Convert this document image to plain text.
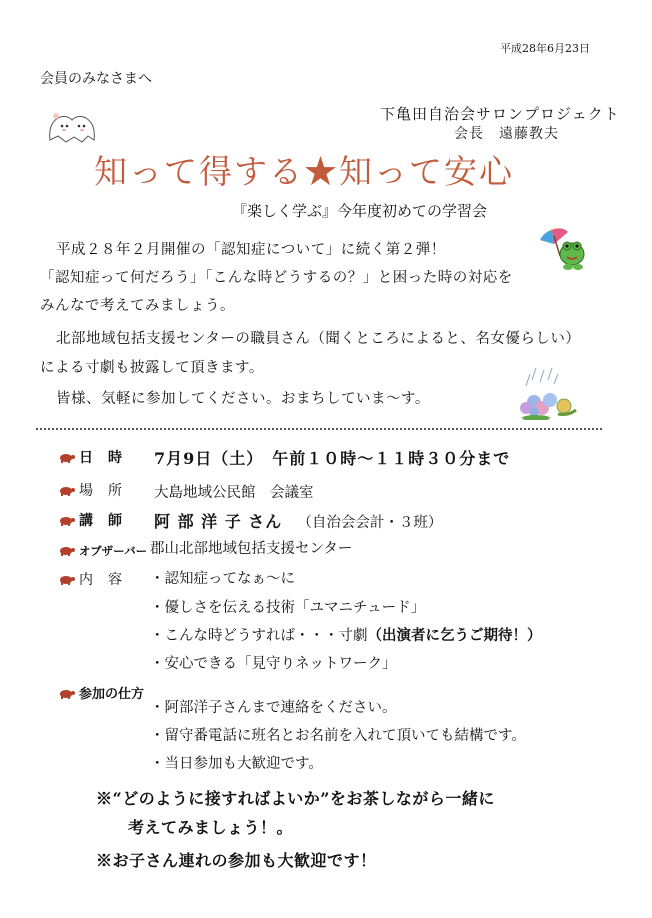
平成28年6月23日
会員のみなさまへ
下亀田自治会サロンプロジェクト
会長　遠藤教夫
知って得する★知って安心
『楽しく学ぶ』今年度初めての学習会
平成２８年２月開催の「認知症について」に続く第２弾！
「認知症って何だろう」「こんな時どうするの？」と困った時の対応を
みんなで考えてみましょう。
北部地域包括支援センターの職員さん（聞くところによると、名女優らしい）
による寸劇も披露して頂きます。
皆様、気軽に参加してください。おまちしていま～す。
日　時 7月9日（土）　午前１０時～１１時３０分まで
場　所 大島地域公民館　会議室
講　師 阿 部 洋 子 さん （自治会会計・３班）
オブザーバー 郡山北部地域包括支援センター
内　容 ・認知症ってなぁ～に
・優しさを伝える技術「ユマニチュード」
・こんな時どうすれば・・・寸劇（出演者に乞うご期待！）
・安心できる「見守りネットワーク」
参加の仕方
・阿部洋子さんまで連絡をください。
・留守番電話に班名とお名前を入れて頂いても結構です。
・当日参加も大歓迎です。
※“どのように接すればよいか”をお茶しながら一緒に
考えてみましょう！。
※お子さん連れの参加も大歓迎です！
